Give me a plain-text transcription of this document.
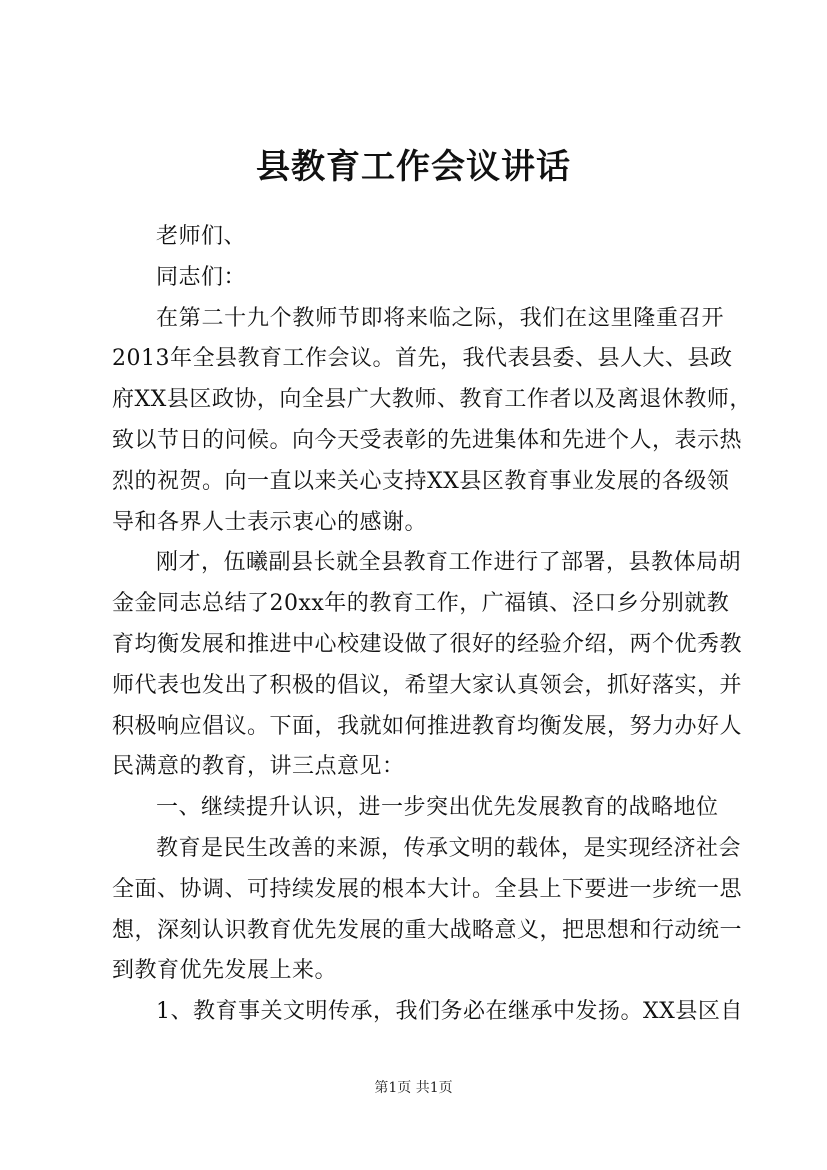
县教育工作会议讲话
老师们、
同志们：
在第二十九个教师节即将来临之际，我们在这里隆重召开
2013年全县教育工作会议。首先，我代表县委、县人大、县政
府XX县区政协，向全县广大教师、教育工作者以及离退休教师，
致以节日的问候。向今天受表彰的先进集体和先进个人，表示热
烈的祝贺。向一直以来关心支持XX县区教育事业发展的各级领
导和各界人士表示衷心的感谢。
刚才，伍曦副县长就全县教育工作进行了部署，县教体局胡
金金同志总结了20xx年的教育工作，广福镇、泾口乡分别就教
育均衡发展和推进中心校建设做了很好的经验介绍，两个优秀教
师代表也发出了积极的倡议，希望大家认真领会，抓好落实，并
积极响应倡议。下面，我就如何推进教育均衡发展，努力办好人
民满意的教育，讲三点意见：
一、继续提升认识，进一步突出优先发展教育的战略地位
教育是民生改善的来源，传承文明的载体，是实现经济社会
全面、协调、可持续发展的根本大计。全县上下要进一步统一思
想，深刻认识教育优先发展的重大战略意义，把思想和行动统一
到教育优先发展上来。
1、教育事关文明传承，我们务必在继承中发扬。XX县区自
第1页 共1页
